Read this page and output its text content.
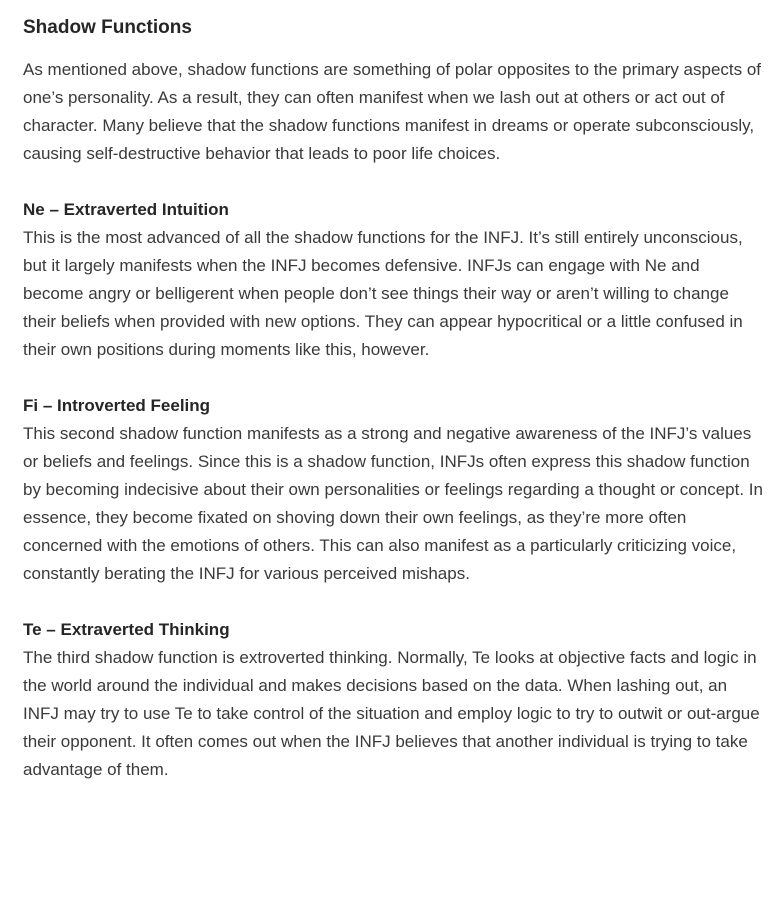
Shadow Functions

As mentioned above, shadow functions are something of polar opposites to the primary aspects of one’s personality. As a result, they can often manifest when we lash out at others or act out of character. Many believe that the shadow functions manifest in dreams or operate subconsciously, causing self-destructive behavior that leads to poor life choices.

Ne – Extraverted Intuition

This is the most advanced of all the shadow functions for the INFJ. It’s still entirely unconscious, but it largely manifests when the INFJ becomes defensive. INFJs can engage with Ne and become angry or belligerent when people don’t see things their way or aren’t willing to change their beliefs when provided with new options. They can appear hypocritical or a little confused in their own positions during moments like this, however.

Fi – Introverted Feeling

This second shadow function manifests as a strong and negative awareness of the INFJ’s values or beliefs and feelings. Since this is a shadow function, INFJs often express this shadow function by becoming indecisive about their own personalities or feelings regarding a thought or concept. In essence, they become fixated on shoving down their own feelings, as they’re more often concerned with the emotions of others. This can also manifest as a particularly criticizing voice, constantly berating the INFJ for various perceived mishaps.

Te – Extraverted Thinking

The third shadow function is extroverted thinking. Normally, Te looks at objective facts and logic in the world around the individual and makes decisions based on the data. When lashing out, an INFJ may try to use Te to take control of the situation and employ logic to try to outwit or out-argue their opponent. It often comes out when the INFJ believes that another individual is trying to take advantage of them.
